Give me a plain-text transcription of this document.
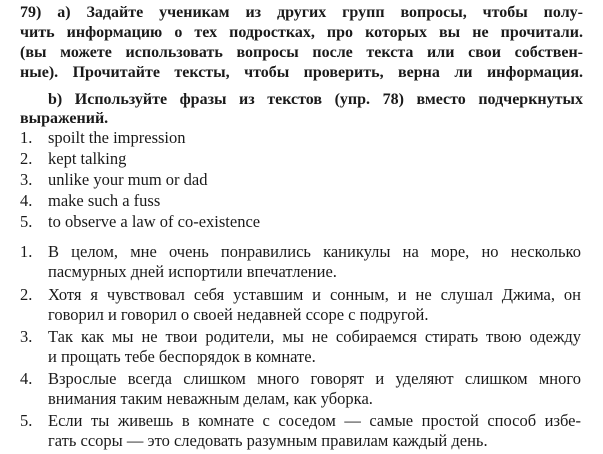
79) a) Задайте ученикам из других групп вопросы, чтобы полу-
чить информацию о тех подростках, про которых вы не прочитали.
(вы можете использовать вопросы после текста или свои собствен-
ные). Прочитайте тексты, чтобы проверить, верна ли информация.
b) Используйте фразы из текстов (упр. 78) вместо подчеркнутых
выражений.
1. spoilt the impression
2. kept talking
3. unlike your mum or dad
4. make such a fuss
5. to observe a law of co-existence
1. В целом, мне очень понравились каникулы на море, но несколько
пасмурных дней испортили впечатление.
2. Хотя я чувствовал себя уставшим и сонным, и не слушал Джима, он
говорил и говорил о своей недавней ссоре с подругой.
3. Так как мы не твои родители, мы не собираемся стирать твою одежду
и прощать тебе беспорядок в комнате.
4. Взрослые всегда слишком много говорят и уделяют слишком много
внимания таким неважным делам, как уборка.
5. Если ты живешь в комнате с соседом — самые простой способ избе-
гать ссоры — это следовать разумным правилам каждый день.
